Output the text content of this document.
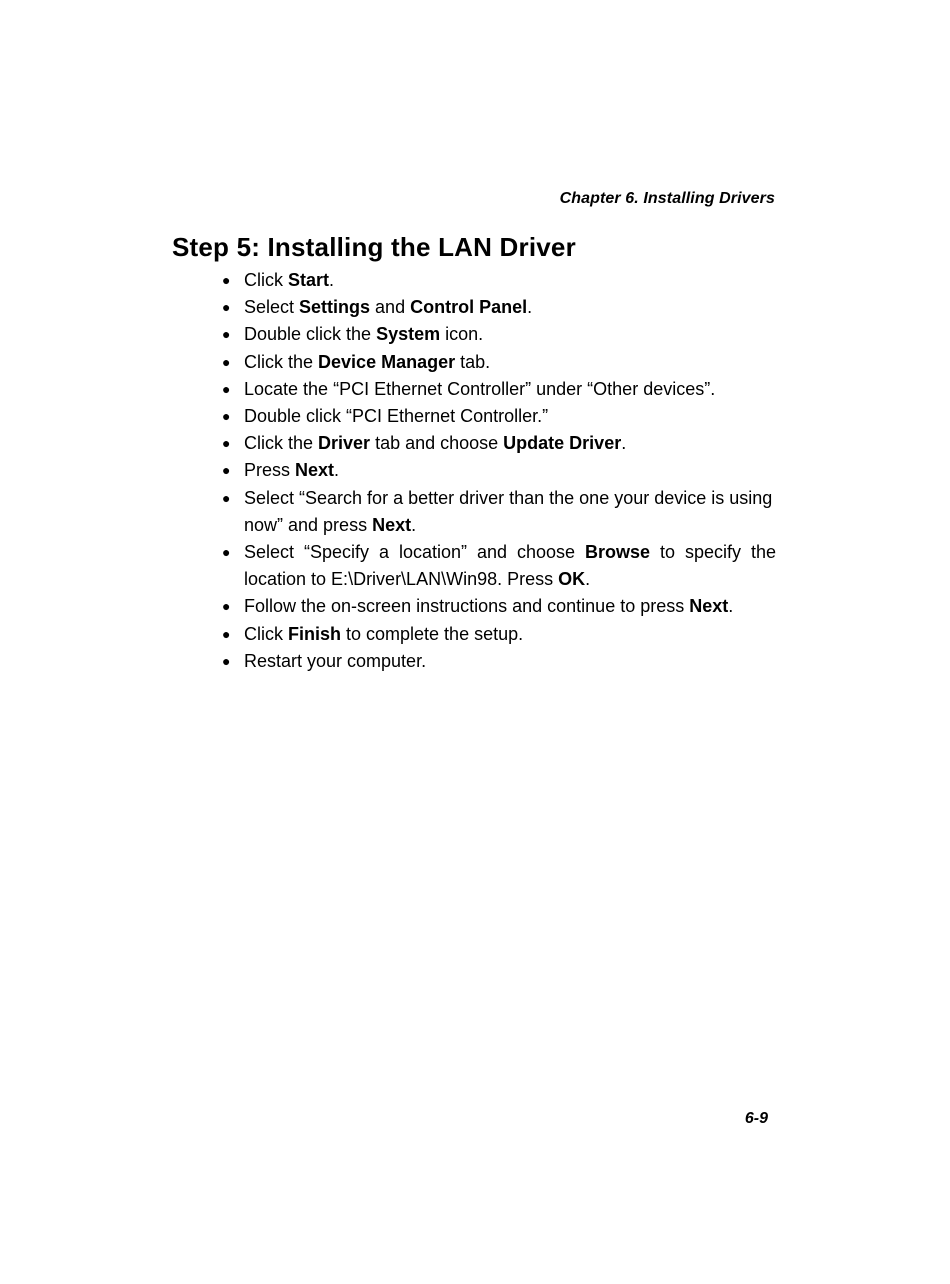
Chapter 6. Installing Drivers
Step 5: Installing the LAN Driver
● Click Start.
● Select Settings and Control Panel.
● Double click the System icon.
● Click the Device Manager tab.
● Locate the “PCI Ethernet Controller” under “Other devices”.
● Double click “PCI Ethernet Controller.”
● Click the Driver tab and choose Update Driver.
● Press Next.
● Select “Search for a better driver than the one your device is using now” and press Next.
● Select “Specify a location” and choose Browse to specify the location to E:\Driver\LAN\Win98. Press OK.
● Follow the on-screen instructions and continue to press Next.
● Click Finish to complete the setup.
● Restart your computer.
6-9
